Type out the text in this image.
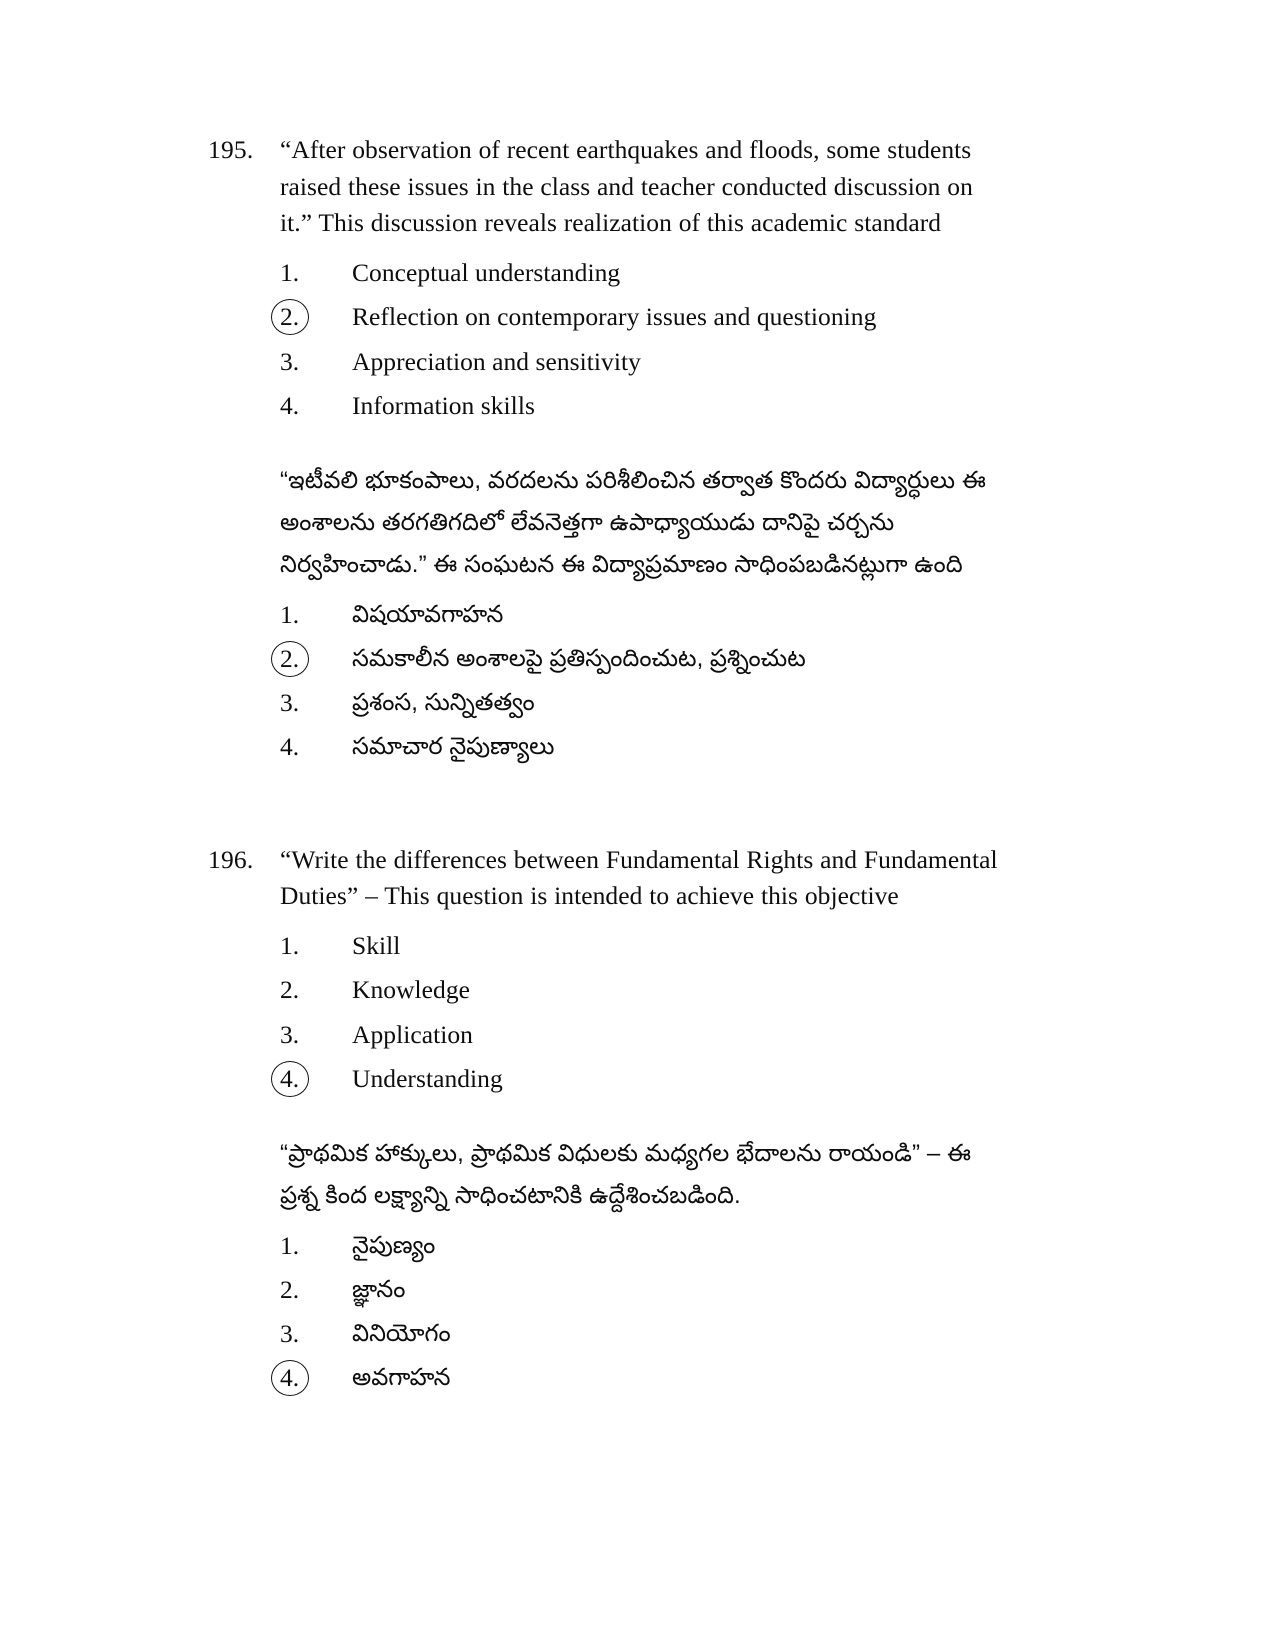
195.	“After observation of recent earthquakes and floods, some students raised these issues in the class and teacher conducted discussion on it.” This discussion reveals realization of this academic standard
1.	Conceptual understanding
2.	Reflection on contemporary issues and questioning
3.	Appreciation and sensitivity
4.	Information skills
“ఇటీవలి భూకంపాలు, వరదలను పరిశీలించిన తర్వాత కొందరు విద్యార్ధులు ఈ అంశాలను తరగతిగదిలో లేవనెత్తగా ఉపాధ్యాయుడు దానిపై చర్చను నిర్వహించాడు.” ఈ సంఘటన ఈ విద్యాప్రమాణం సాధింపబడినట్లుగా ఉంది
1.	విషయావగాహన
2.	సమకాలీన అంశాలపై ప్రతిస్పందించుట, ప్రశ్నించుట
3.	ప్రశంస, సున్నితత్వం
4.	సమాచార నైపుణ్యాలు
196.	“Write the differences between Fundamental Rights and Fundamental Duties” – This question is intended to achieve this objective
1.	Skill
2.	Knowledge
3.	Application
4.	Understanding
“ప్రాథమిక హాక్కులు, ప్రాథమిక విధులకు మధ్యగల భేదాలను రాయండి” – ఈ ప్రశ్న కింద లక్ష్యాన్ని సాధించటానికి ఉద్దేశించబడింది.
1.	నైపుణ్యం
2.	జ్ఞానం
3.	వినియోగం
4.	అవగాహన
